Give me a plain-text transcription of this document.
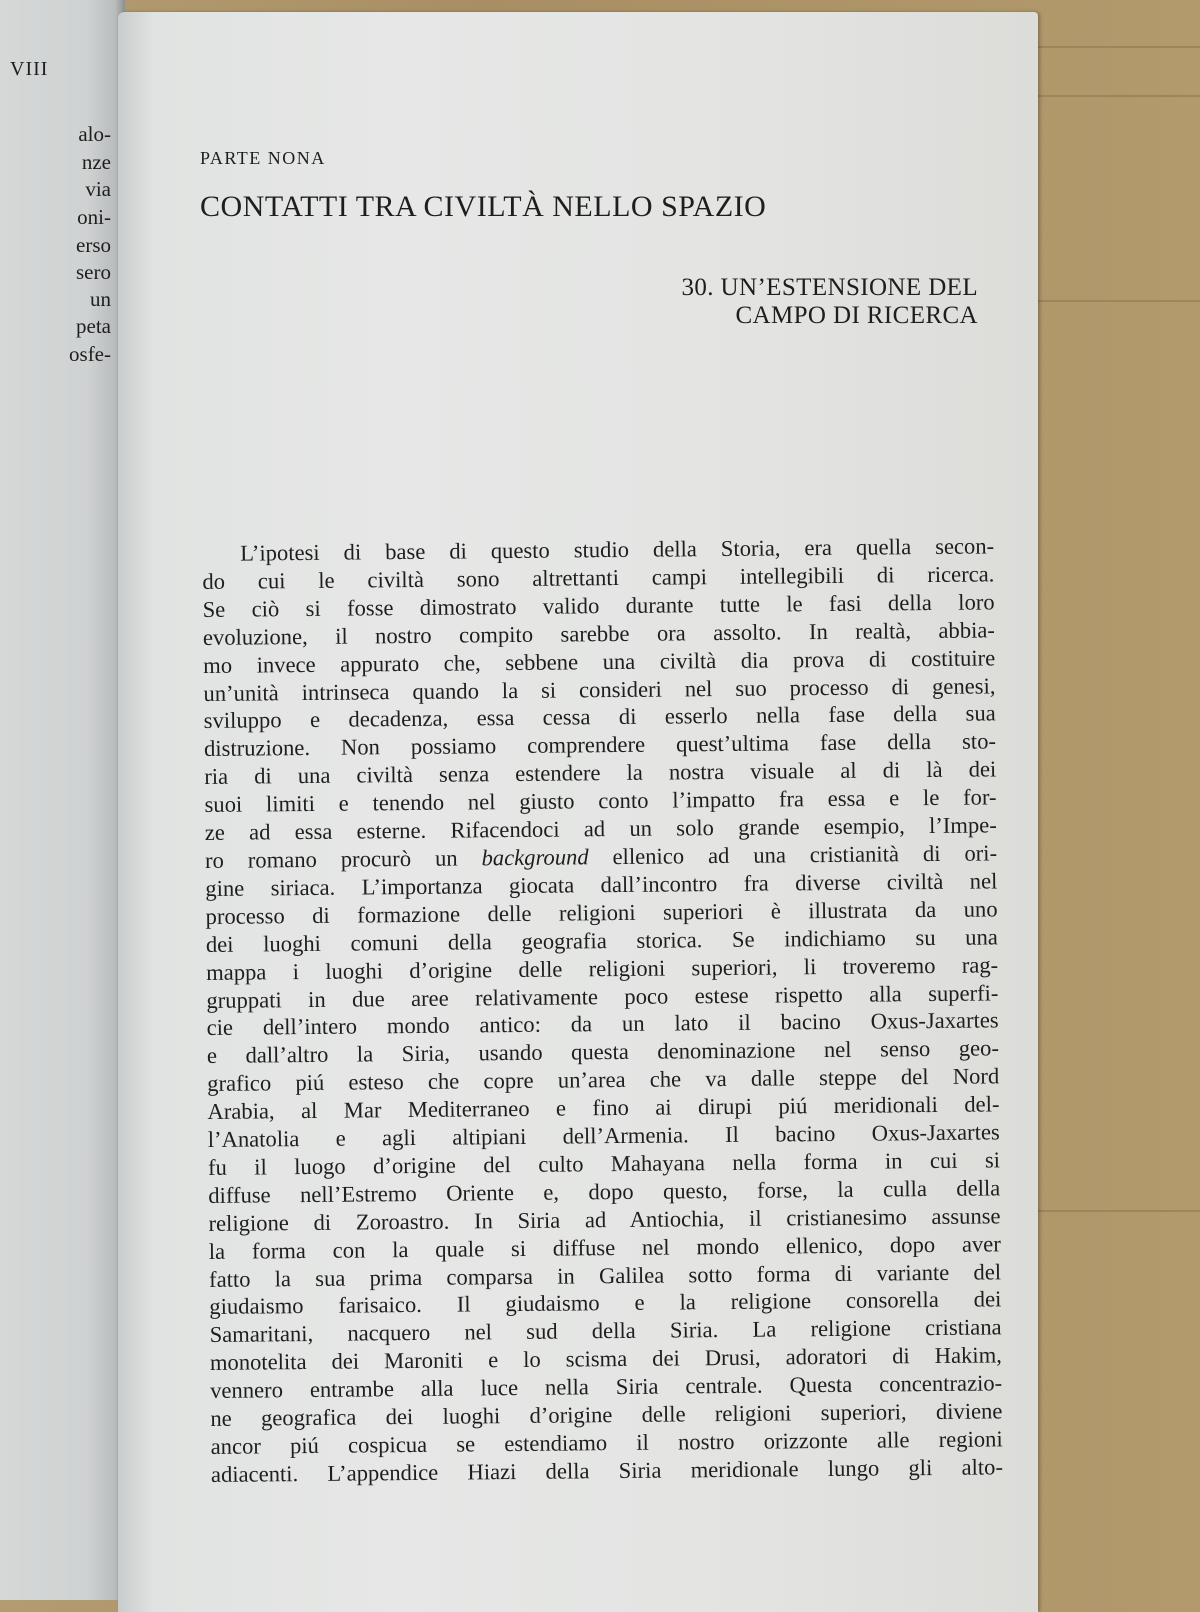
VIII
alo-
nze
via
oni-
erso
sero
un
peta
osfe-
PARTE NONA
CONTATTI TRA CIVILTÀ NELLO SPAZIO
30. UN’ESTENSIONE DEL
CAMPO DI RICERCA
L’ipotesi di base di questo studio della Storia, era quella secon-
do cui le civiltà sono altrettanti campi intellegibili di ricerca.
Se ciò si fosse dimostrato valido durante tutte le fasi della loro
evoluzione, il nostro compito sarebbe ora assolto. In realtà, abbia-
mo invece appurato che, sebbene una civiltà dia prova di costituire
un’unità intrinseca quando la si consideri nel suo processo di genesi,
sviluppo e decadenza, essa cessa di esserlo nella fase della sua
distruzione. Non possiamo comprendere quest’ultima fase della sto-
ria di una civiltà senza estendere la nostra visuale al di là dei
suoi limiti e tenendo nel giusto conto l’impatto fra essa e le for-
ze ad essa esterne. Rifacendoci ad un solo grande esempio, l’Impe-
ro romano procurò un background ellenico ad una cristianità di ori-
gine siriaca. L’importanza giocata dall’incontro fra diverse civiltà nel
processo di formazione delle religioni superiori è illustrata da uno
dei luoghi comuni della geografia storica. Se indichiamo su una
mappa i luoghi d’origine delle religioni superiori, li troveremo rag-
gruppati in due aree relativamente poco estese rispetto alla superfi-
cie dell’intero mondo antico: da un lato il bacino Oxus-Jaxartes
e dall’altro la Siria, usando questa denominazione nel senso geo-
grafico piú esteso che copre un’area che va dalle steppe del Nord
Arabia, al Mar Mediterraneo e fino ai dirupi piú meridionali del-
l’Anatolia e agli altipiani dell’Armenia. Il bacino Oxus-Jaxartes
fu il luogo d’origine del culto Mahayana nella forma in cui si
diffuse nell’Estremo Oriente e, dopo questo, forse, la culla della
religione di Zoroastro. In Siria ad Antiochia, il cristianesimo assunse
la forma con la quale si diffuse nel mondo ellenico, dopo aver
fatto la sua prima comparsa in Galilea sotto forma di variante del
giudaismo farisaico. Il giudaismo e la religione consorella dei
Samaritani, nacquero nel sud della Siria. La religione cristiana
monotelita dei Maroniti e lo scisma dei Drusi, adoratori di Hakim,
vennero entrambe alla luce nella Siria centrale. Questa concentrazio-
ne geografica dei luoghi d’origine delle religioni superiori, diviene
ancor piú cospicua se estendiamo il nostro orizzonte alle regioni
adiacenti. L’appendice Hiazi della Siria meridionale lungo gli alto-
